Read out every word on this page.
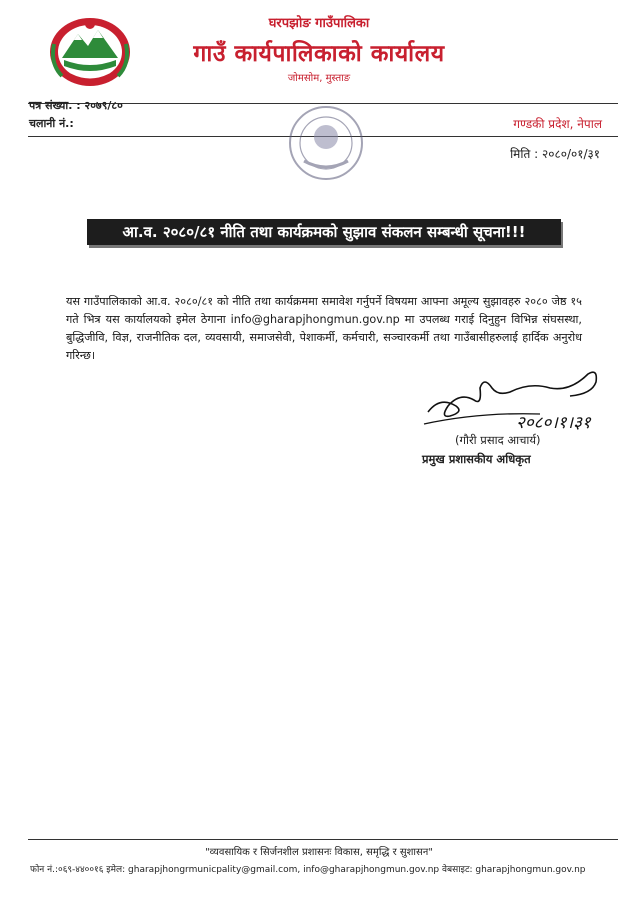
घरपझोङ गाउँपालिका
गाउँ कार्यपालिकाको कार्यालय
जोमसोम, मुस्ताङ
पत्र संख्या. : २०७९/८०
चलानी नं.:	गण्डकी प्रदेश, नेपाल
मिति : २०८०/०१/३१
आ.व. २०८०/८१ नीति तथा कार्यक्रमको सुझाव संकलन सम्बन्धी सूचना!!!
यस गाउँपालिकाको आ.व. २०८०/८१ को नीति तथा कार्यक्रममा समावेश गर्नुपर्ने विषयमा आफ्ना अमूल्य सुझावहरु २०८० जेष्ठ १५ गते भित्र यस कार्यालयको इमेल ठेगाना info@gharapjhongmun.gov.np मा उपलब्ध गराई दिनुहुन विभिन्न संघसस्था, बुद्धिजीवि, विज्ञ, राजनीतिक दल, व्यवसायी, समाजसेवी, पेशाकर्मी, कर्मचारी, सञ्चारकर्मी तथा गाउँबासीहरुलाई हार्दिक अनुरोध गरिन्छ।
२०८०।१।३१
(गौरी प्रसाद आचार्य)
प्रमुख प्रशासकीय अधिकृत
"व्यवसायिक र सिर्जनशील प्रशासनः विकास, समृद्धि र सुशासन"
फोन नं.:०६९-४४००१६ इमेल: gharapjhongrmunicpality@gmail.com, info@gharapjhongmun.gov.np वेबसाइट: gharapjhongmun.gov.np
